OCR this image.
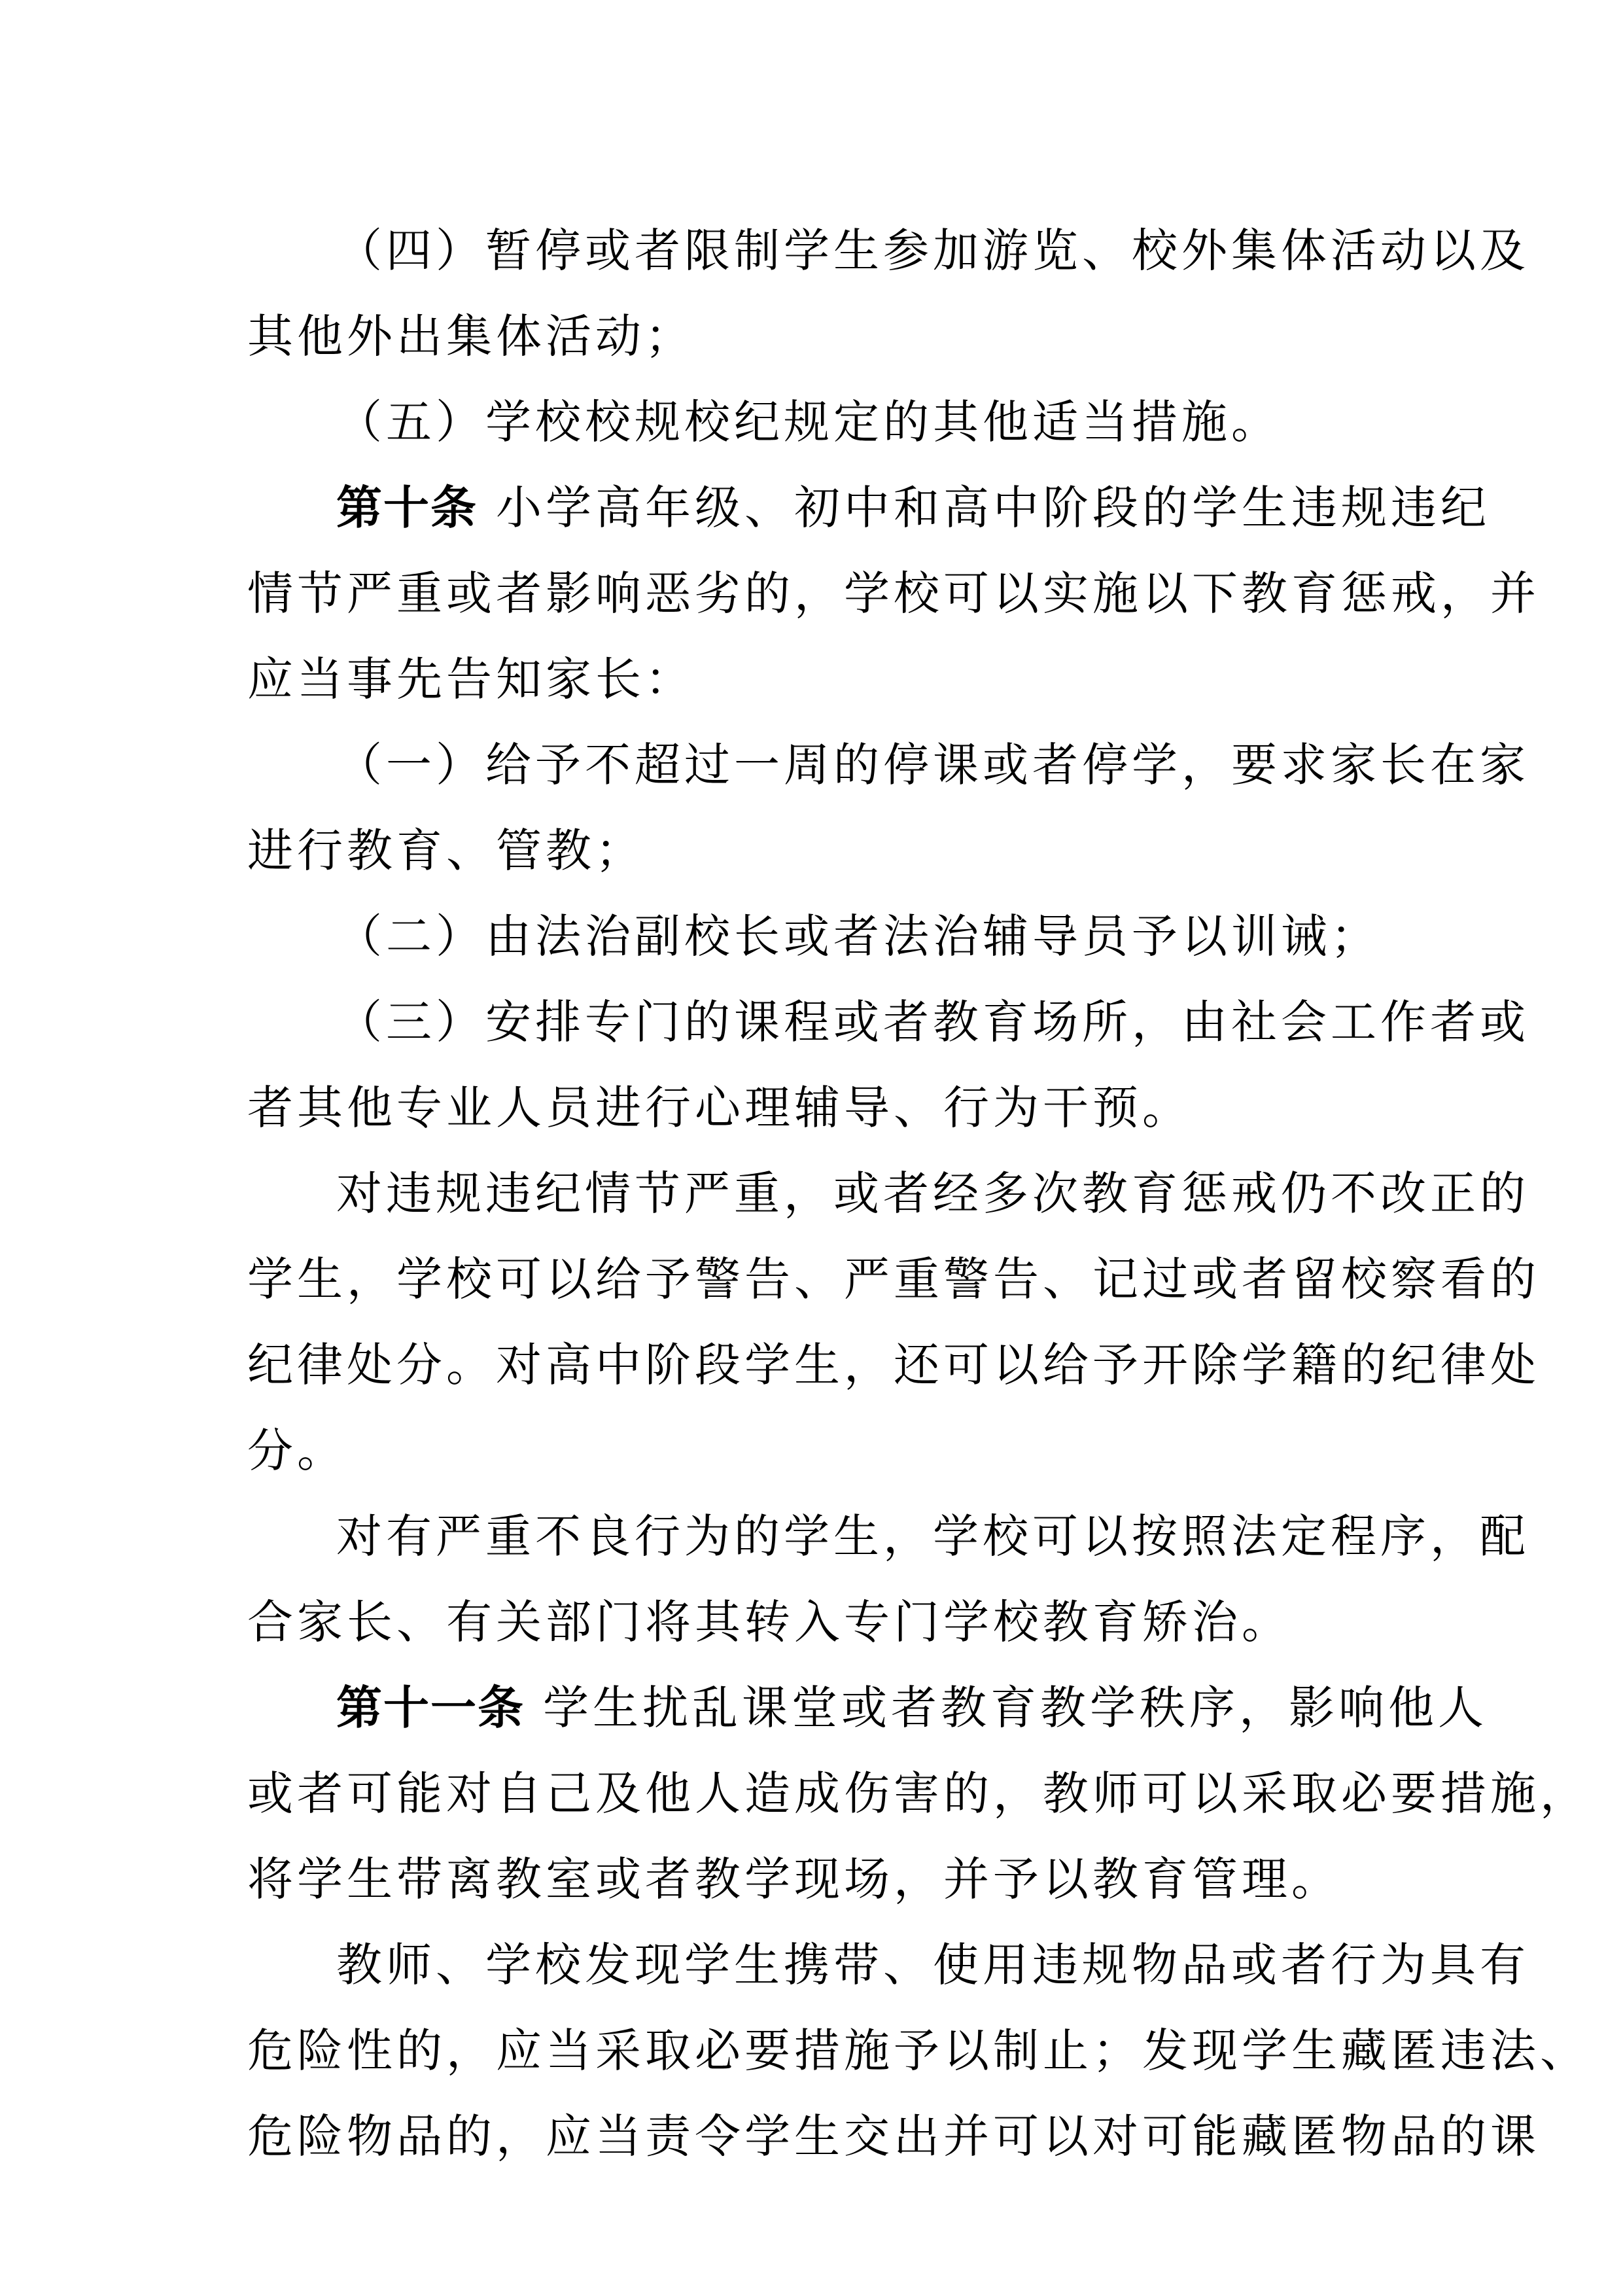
（四）暂停或者限制学生参加游览、校外集体活动以及
其他外出集体活动；
（五）学校校规校纪规定的其他适当措施。
第十条 小学高年级、初中和高中阶段的学生违规违纪
情节严重或者影响恶劣的，学校可以实施以下教育惩戒，并
应当事先告知家长：
（一）给予不超过一周的停课或者停学，要求家长在家
进行教育、管教；
（二）由法治副校长或者法治辅导员予以训诫；
（三）安排专门的课程或者教育场所，由社会工作者或
者其他专业人员进行心理辅导、行为干预。
对违规违纪情节严重，或者经多次教育惩戒仍不改正的
学生，学校可以给予警告、严重警告、记过或者留校察看的
纪律处分。对高中阶段学生，还可以给予开除学籍的纪律处
分。
对有严重不良行为的学生，学校可以按照法定程序，配
合家长、有关部门将其转入专门学校教育矫治。
第十一条 学生扰乱课堂或者教育教学秩序，影响他人
或者可能对自己及他人造成伤害的，教师可以采取必要措施，
将学生带离教室或者教学现场，并予以教育管理。
教师、学校发现学生携带、使用违规物品或者行为具有
危险性的，应当采取必要措施予以制止；发现学生藏匿违法、
危险物品的，应当责令学生交出并可以对可能藏匿物品的课
